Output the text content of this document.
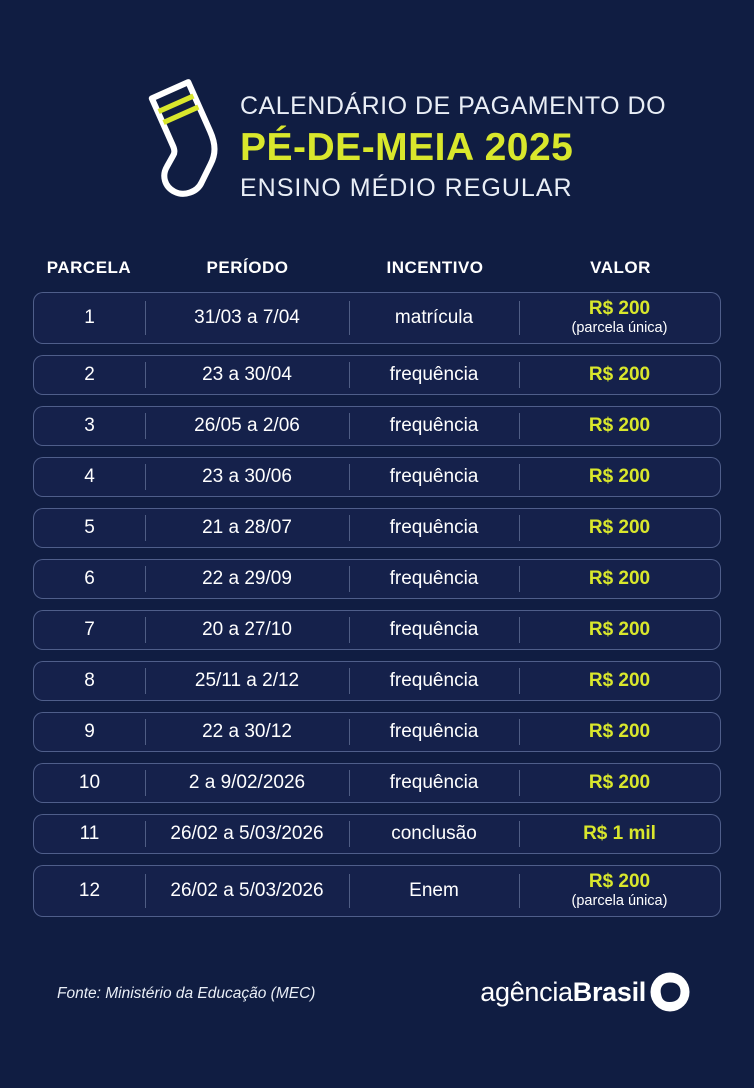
CALENDÁRIO DE PAGAMENTO DO
PÉ-DE-MEIA 2025
ENSINO MÉDIO REGULAR
PARCELA	PERÍODO	INCENTIVO	VALOR
1	31/03 a 7/04	matrícula	R$ 200
(parcela única)
2	23 a 30/04	frequência	R$ 200
3	26/05 a 2/06	frequência	R$ 200
4	23 a 30/06	frequência	R$ 200
5	21 a 28/07	frequência	R$ 200
6	22 a 29/09	frequência	R$ 200
7	20 a 27/10	frequência	R$ 200
8	25/11 a 2/12	frequência	R$ 200
9	22 a 30/12	frequência	R$ 200
10	2 a 9/02/2026	frequência	R$ 200
11	26/02 a 5/03/2026	conclusão	R$ 1 mil
12	26/02 a 5/03/2026	Enem	R$ 200
(parcela única)
Fonte: Ministério da Educação (MEC)	agência Brasil
